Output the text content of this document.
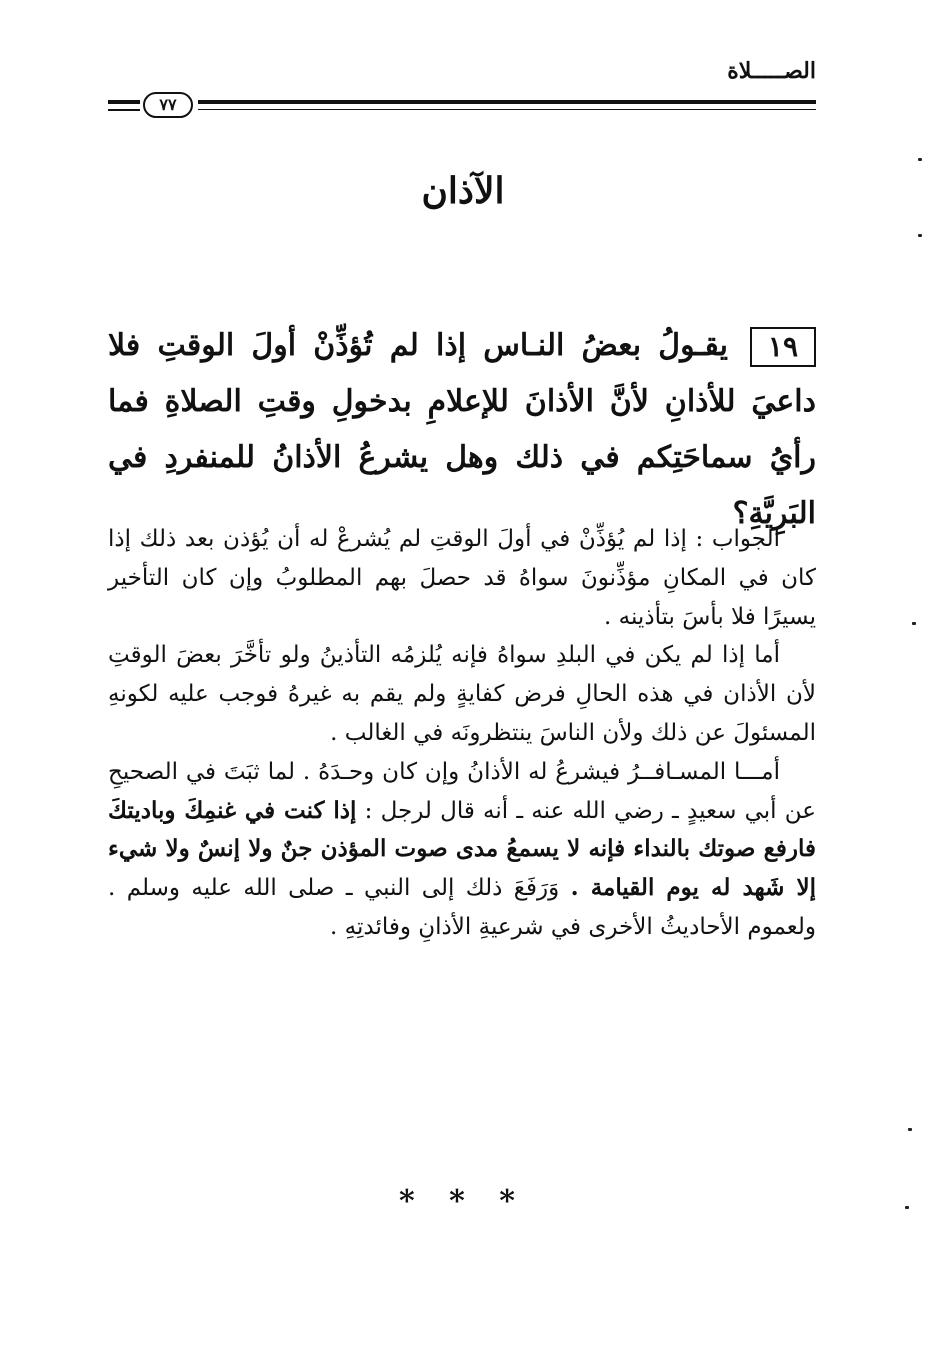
الصـــــلاة
٧٧
الآذان
١٩يقـولُ بعضُ النـاس إذا لم تُؤذِّنْ أولَ الوقتِ فلا داعيَ للأذانِ لأنَّ الأذانَ للإعلامِ بدخولِ وقتِ الصلاةِ فما رأيُ سماحَتِكم في ذلك وهل يشرعُ الأذانُ للمنفردِ في البَرِيَّةِ؟

الجواب : إذا لم يُؤذِّنْ في أولَ الوقتِ لم يُشرعْ له أن يُؤذن بعد ذلك إذا كان في المكانِ مؤذِّنونَ سواهُ قد حصلَ بهم المطلوبُ وإن كان التأخير يسيرًا فلا بأسَ بتأذينه .

أما إذا لم يكن في البلدِ سواهُ فإنه يُلزمُه التأذينُ ولو تأخَّرَ بعضَ الوقتِ لأن الأذان في هذه الحالِ فرض كفايةٍ ولم يقم به غيرهُ فوجب عليه لكونهِ المسئولَ عن ذلك ولأن الناسَ ينتظرونَه في الغالب .

أمـــا المسـافــرُ فيشرعُ له الأذانُ وإن كان وحـدَهُ . لما ثبَتَ في الصحيحِ عن أبي سعيدٍ ـ رضي الله عنه ـ أنه قال لرجل : إذا كنت في غنمِكَ وباديتكَ فارفع صوتك بالنداء فإنه لا يسمعُ مدى صوت المؤذن جنٌ ولا إنسٌ ولا شيء إلا شَهد له يوم القيامة . وَرَفَعَ ذلك إلى النبي ـ صلى الله عليه وسلم . ولعموم الأحاديثُ الأخرى في شرعيةِ الأذانِ وفائدتِهِ .

* * *
